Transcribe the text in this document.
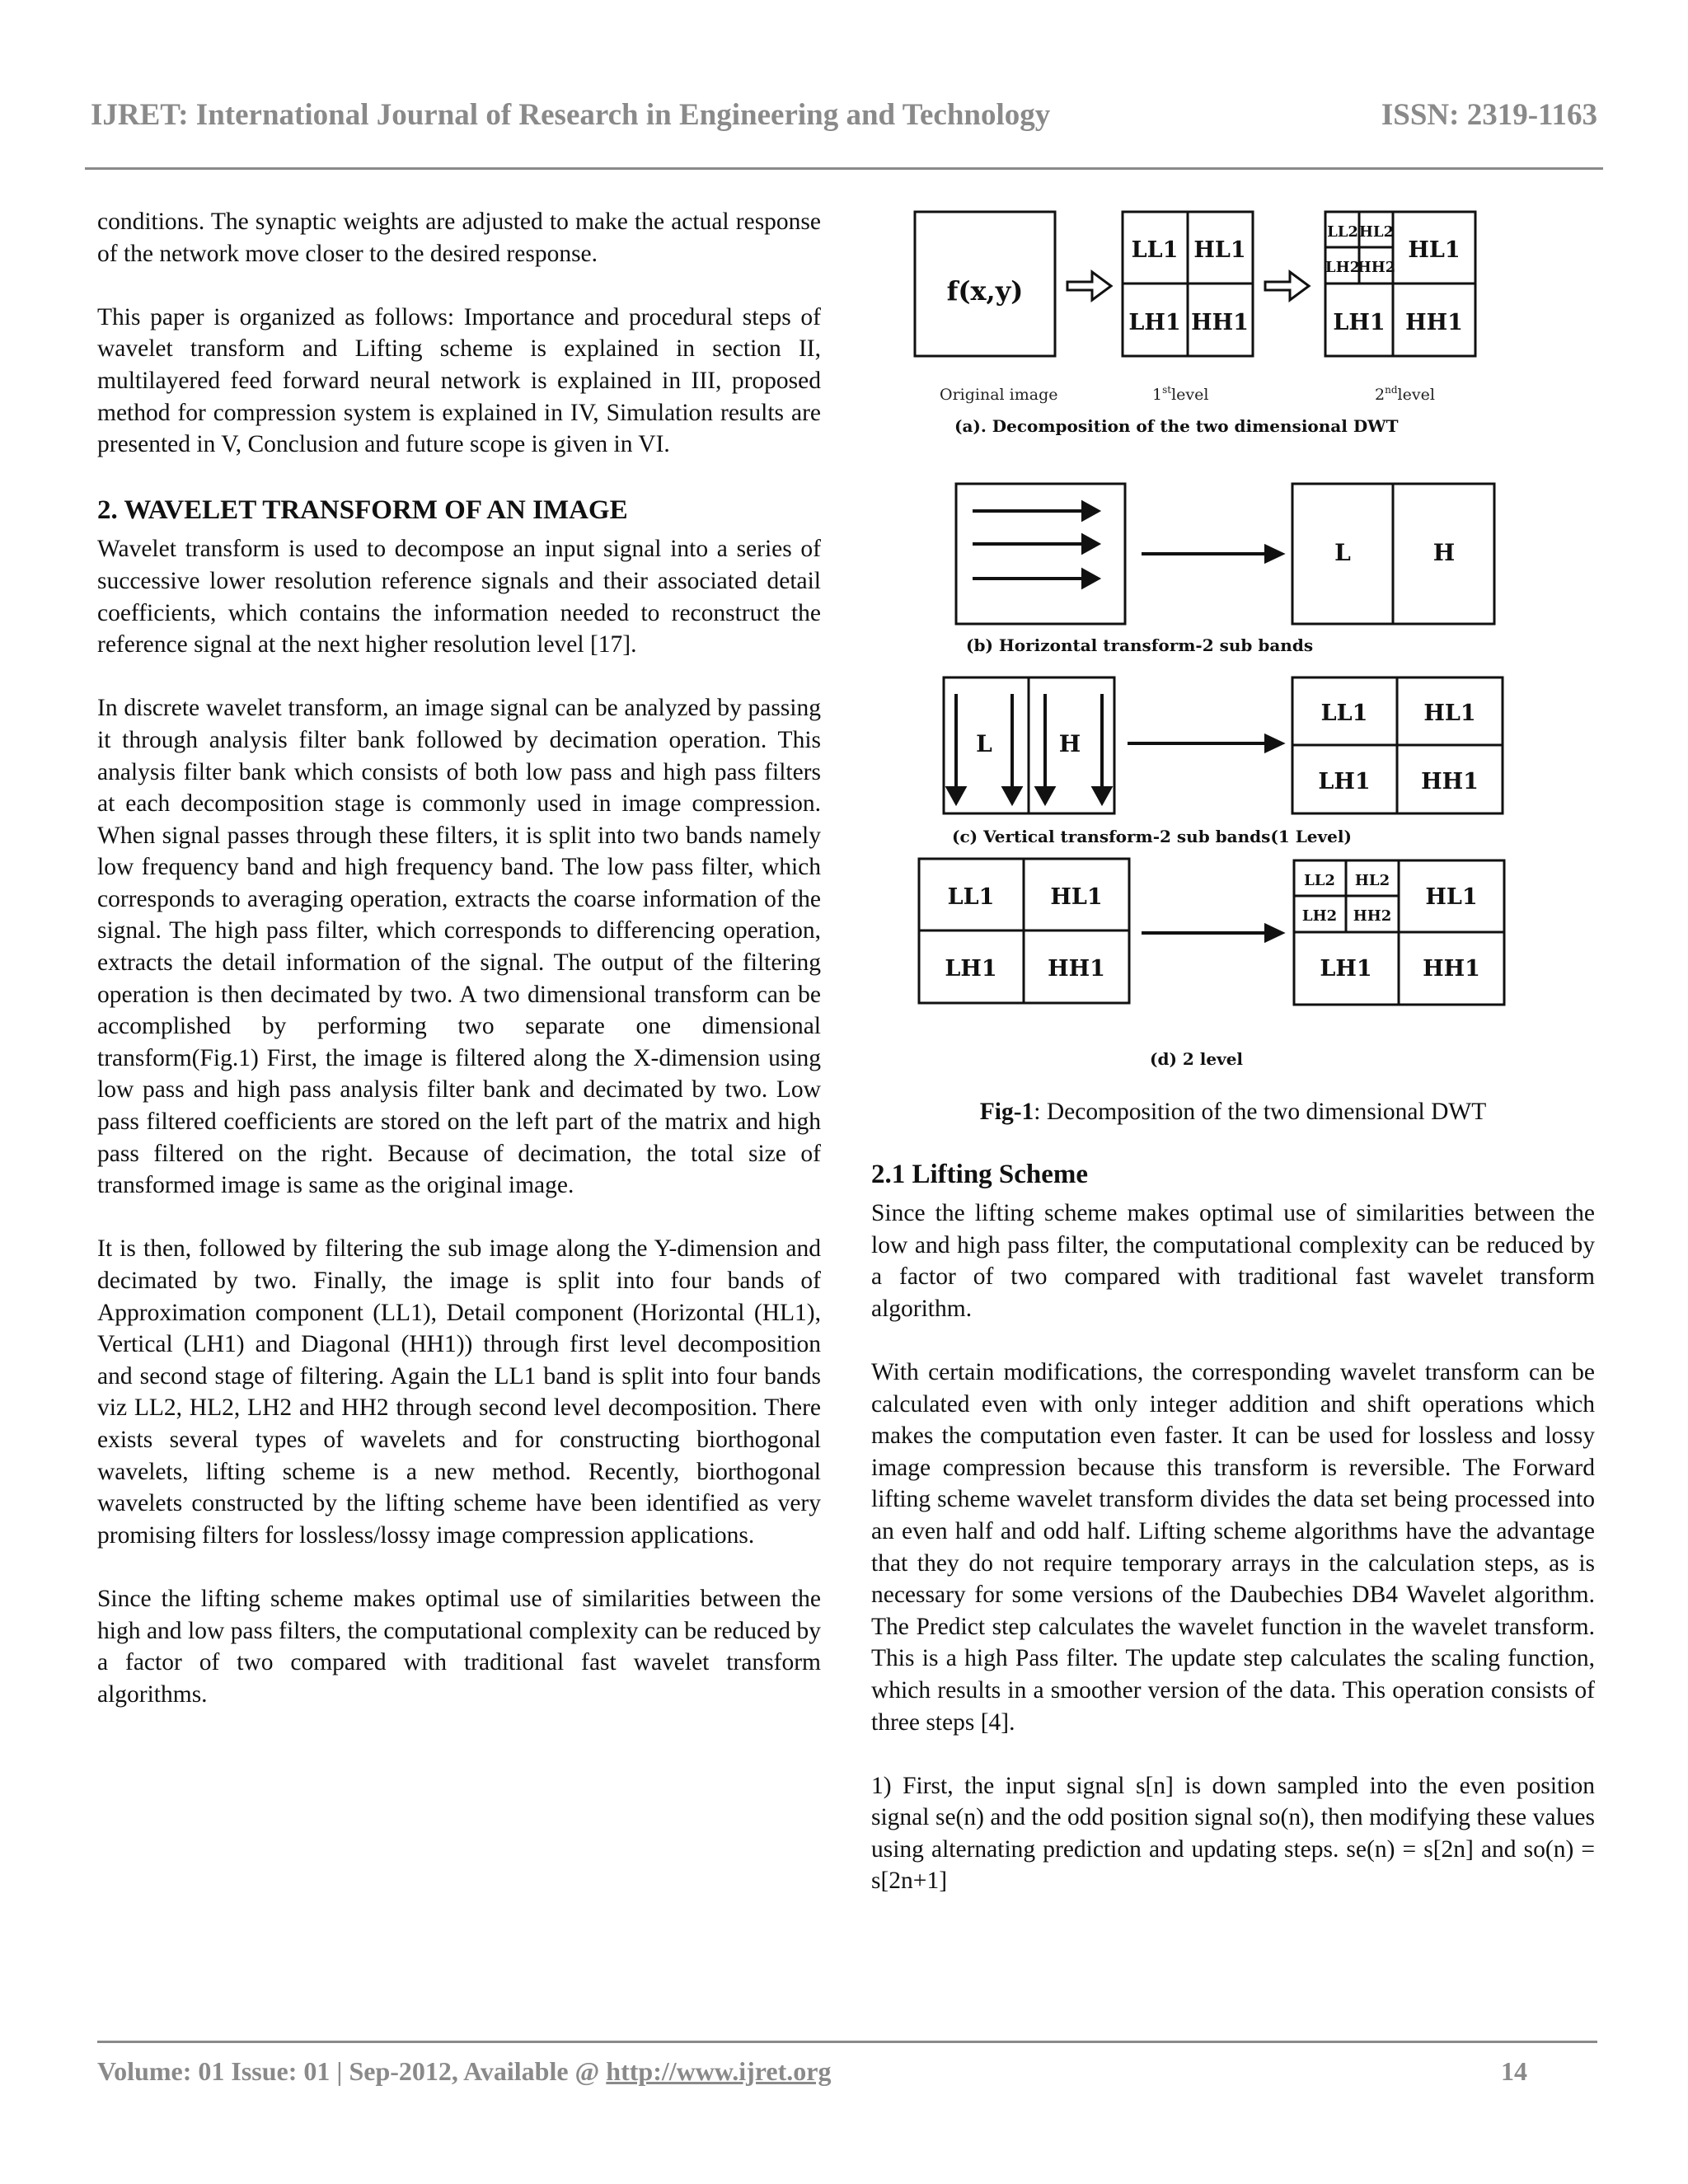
IJRET: International Journal of Research in Engineering and Technology	ISSN: 2319-1163

conditions. The synaptic weights are adjusted to make the actual response of the network move closer to the desired response.

This paper is organized as follows: Importance and procedural steps of wavelet transform and Lifting scheme is explained in section II, multilayered feed forward neural network is explained in III, proposed method for compression system is explained in IV, Simulation results are presented in V, Conclusion and future scope is given in VI.

2. WAVELET TRANSFORM OF AN IMAGE

Wavelet transform is used to decompose an input signal into a series of successive lower resolution reference signals and their associated detail coefficients, which contains the information needed to reconstruct the reference signal at the next higher resolution level [17].

In discrete wavelet transform, an image signal can be analyzed by passing it through analysis filter bank followed by decimation operation. This analysis filter bank which consists of both low pass and high pass filters at each decomposition stage is commonly used in image compression. When signal passes through these filters, it is split into two bands namely low frequency band and high frequency band. The low pass filter, which corresponds to averaging operation, extracts the coarse information of the signal. The high pass filter, which corresponds to differencing operation, extracts the detail information of the signal. The output of the filtering operation is then decimated by two. A two dimensional transform can be accomplished by performing two separate one dimensional transform(Fig.1) First, the image is filtered along the X-dimension using low pass and high pass analysis filter bank and decimated by two. Low pass filtered coefficients are stored on the left part of the matrix and high pass filtered on the right. Because of decimation, the total size of transformed image is same as the original image.

It is then, followed by filtering the sub image along the Y-dimension and decimated by two. Finally, the image is split into four bands of Approximation component (LL1), Detail component (Horizontal (HL1), Vertical (LH1) and Diagonal (HH1)) through first level decomposition and second stage of filtering. Again the LL1 band is split into four bands viz LL2, HL2, LH2 and HH2 through second level decomposition. There exists several types of wavelets and for constructing biorthogonal wavelets, lifting scheme is a new method. Recently, biorthogonal wavelets constructed by the lifting scheme have been identified as very promising filters for lossless/lossy image compression applications.

Since the lifting scheme makes optimal use of similarities between the high and low pass filters, the computational complexity can be reduced by a factor of two compared with traditional fast wavelet transform algorithms.

f(x,y)
LL1 HL1
LH1 HH1
LL2 HL2
LH2
HH2
HL1
LH1 HH1
L	H
L	H
LL1	HL1
LH1 HH1
LL1	HL1
LH1 HH1
LL2 HL2
LH2 HH2
HL1
LH1 HH1
Original image	1stlevel	2ndlevel
(a). Decomposition of the two dimensional DWT
(b) Horizontal transform-2 sub bands
(c) Vertical transform-2 sub bands(1 Level)
(d) 2 level
Fig-1: Decomposition of the two dimensional DWT
2.1 Lifting Scheme

Since the lifting scheme makes optimal use of similarities between the low and high pass filter, the computational complexity can be reduced by a factor of two compared with traditional fast wavelet transform algorithm.

With certain modifications, the corresponding wavelet transform can be calculated even with only integer addition and shift operations which makes the computation even faster. It can be used for lossless and lossy image compression because this transform is reversible. The Forward lifting scheme wavelet transform divides the data set being processed into an even half and odd half. Lifting scheme algorithms have the advantage that they do not require temporary arrays in the calculation steps, as is necessary for some versions of the Daubechies DB4 Wavelet algorithm. The Predict step calculates the wavelet function in the wavelet transform. This is a high Pass filter. The update step calculates the scaling function, which results in a smoother version of the data. This operation consists of three steps [4].

1) First, the input signal s[n] is down sampled into the even position signal se(n) and the odd position signal so(n), then modifying these values using alternating prediction and updating steps. se(n) = s[2n] and so(n) = s[2n+1]

Volume: 01 Issue: 01 | Sep-2012, Available @ http://www.ijret.org	14
